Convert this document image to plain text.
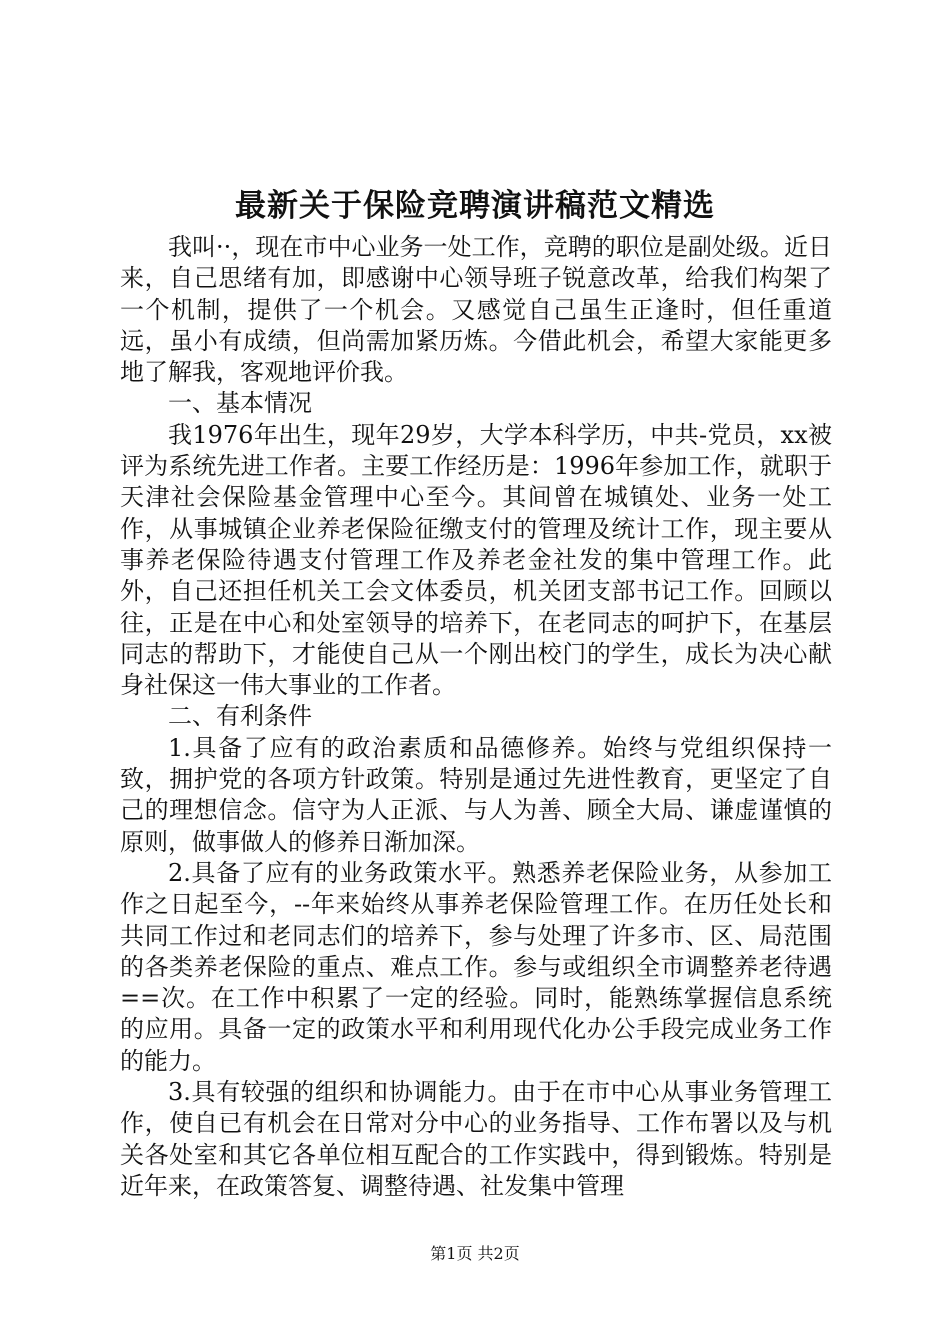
最新关于保险竞聘演讲稿范文精选

我叫··，现在市中心业务一处工作，竞聘的职位是副处级。近日来，自己思绪有加，即感谢中心领导班子锐意改革，给我们构架了一个机制，提供了一个机会。又感觉自己虽生正逢时，但任重道远，虽小有成绩，但尚需加紧历炼。今借此机会，希望大家能更多地了解我，客观地评价我。

一、基本情况

我1976年出生，现年29岁，大学本科学历，中共-党员，xx被评为系统先进工作者。主要工作经历是：1996年参加工作，就职于天津社会保险基金管理中心至今。其间曾在城镇处、业务一处工作，从事城镇企业养老保险征缴支付的管理及统计工作，现主要从事养老保险待遇支付管理工作及养老金社发的集中管理工作。此外，自己还担任机关工会文体委员，机关团支部书记工作。回顾以往，正是在中心和处室领导的培养下，在老同志的呵护下，在基层同志的帮助下，才能使自己从一个刚出校门的学生，成长为决心献身社保这一伟大事业的工作者。

二、有利条件

1.具备了应有的政治素质和品德修养。始终与党组织保持一致，拥护党的各项方针政策。特别是通过先进性教育，更坚定了自己的理想信念。信守为人正派、与人为善、顾全大局、谦虚谨慎的原则，做事做人的修养日渐加深。

2.具备了应有的业务政策水平。熟悉养老保险业务，从参加工作之日起至今，--年来始终从事养老保险管理工作。在历任处长和共同工作过和老同志们的培养下，参与处理了许多市、区、局范围的各类养老保险的重点、难点工作。参与或组织全市调整养老待遇==次。在工作中积累了一定的经验。同时，能熟练掌握信息系统的应用。具备一定的政策水平和利用现代化办公手段完成业务工作的能力。

3.具有较强的组织和协调能力。由于在市中心从事业务管理工作，使自已有机会在日常对分中心的业务指导、工作布署以及与机关各处室和其它各单位相互配合的工作实践中，得到锻炼。特别是近年来，在政策答复、调整待遇、社发集中管理

第1页 共2页
